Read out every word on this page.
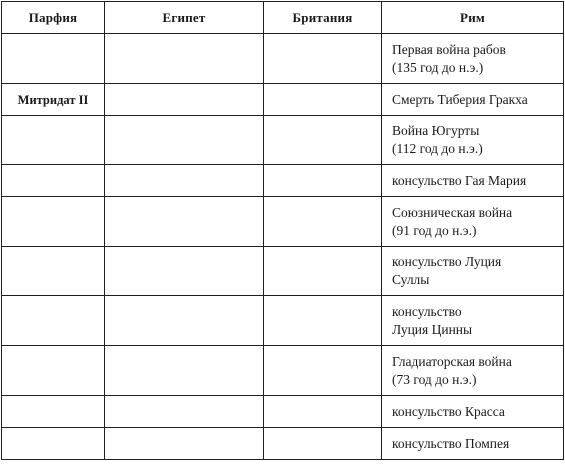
Парфия	Египет	Британия	Рим

			Первая война рабов
(135 год до н.э.)

Митридат II			Смерть Тиберия Гракха

			Война Югурты
(112 год до н.э.)

			консульство Гая Мария

			Союзническая война
(91 год до н.э.)

			консульство Луция
Суллы

			консульство
Луция Цинны

			Гладиаторская война
(73 год до н.э.)

			консульство Красса

			консульство Помпея
